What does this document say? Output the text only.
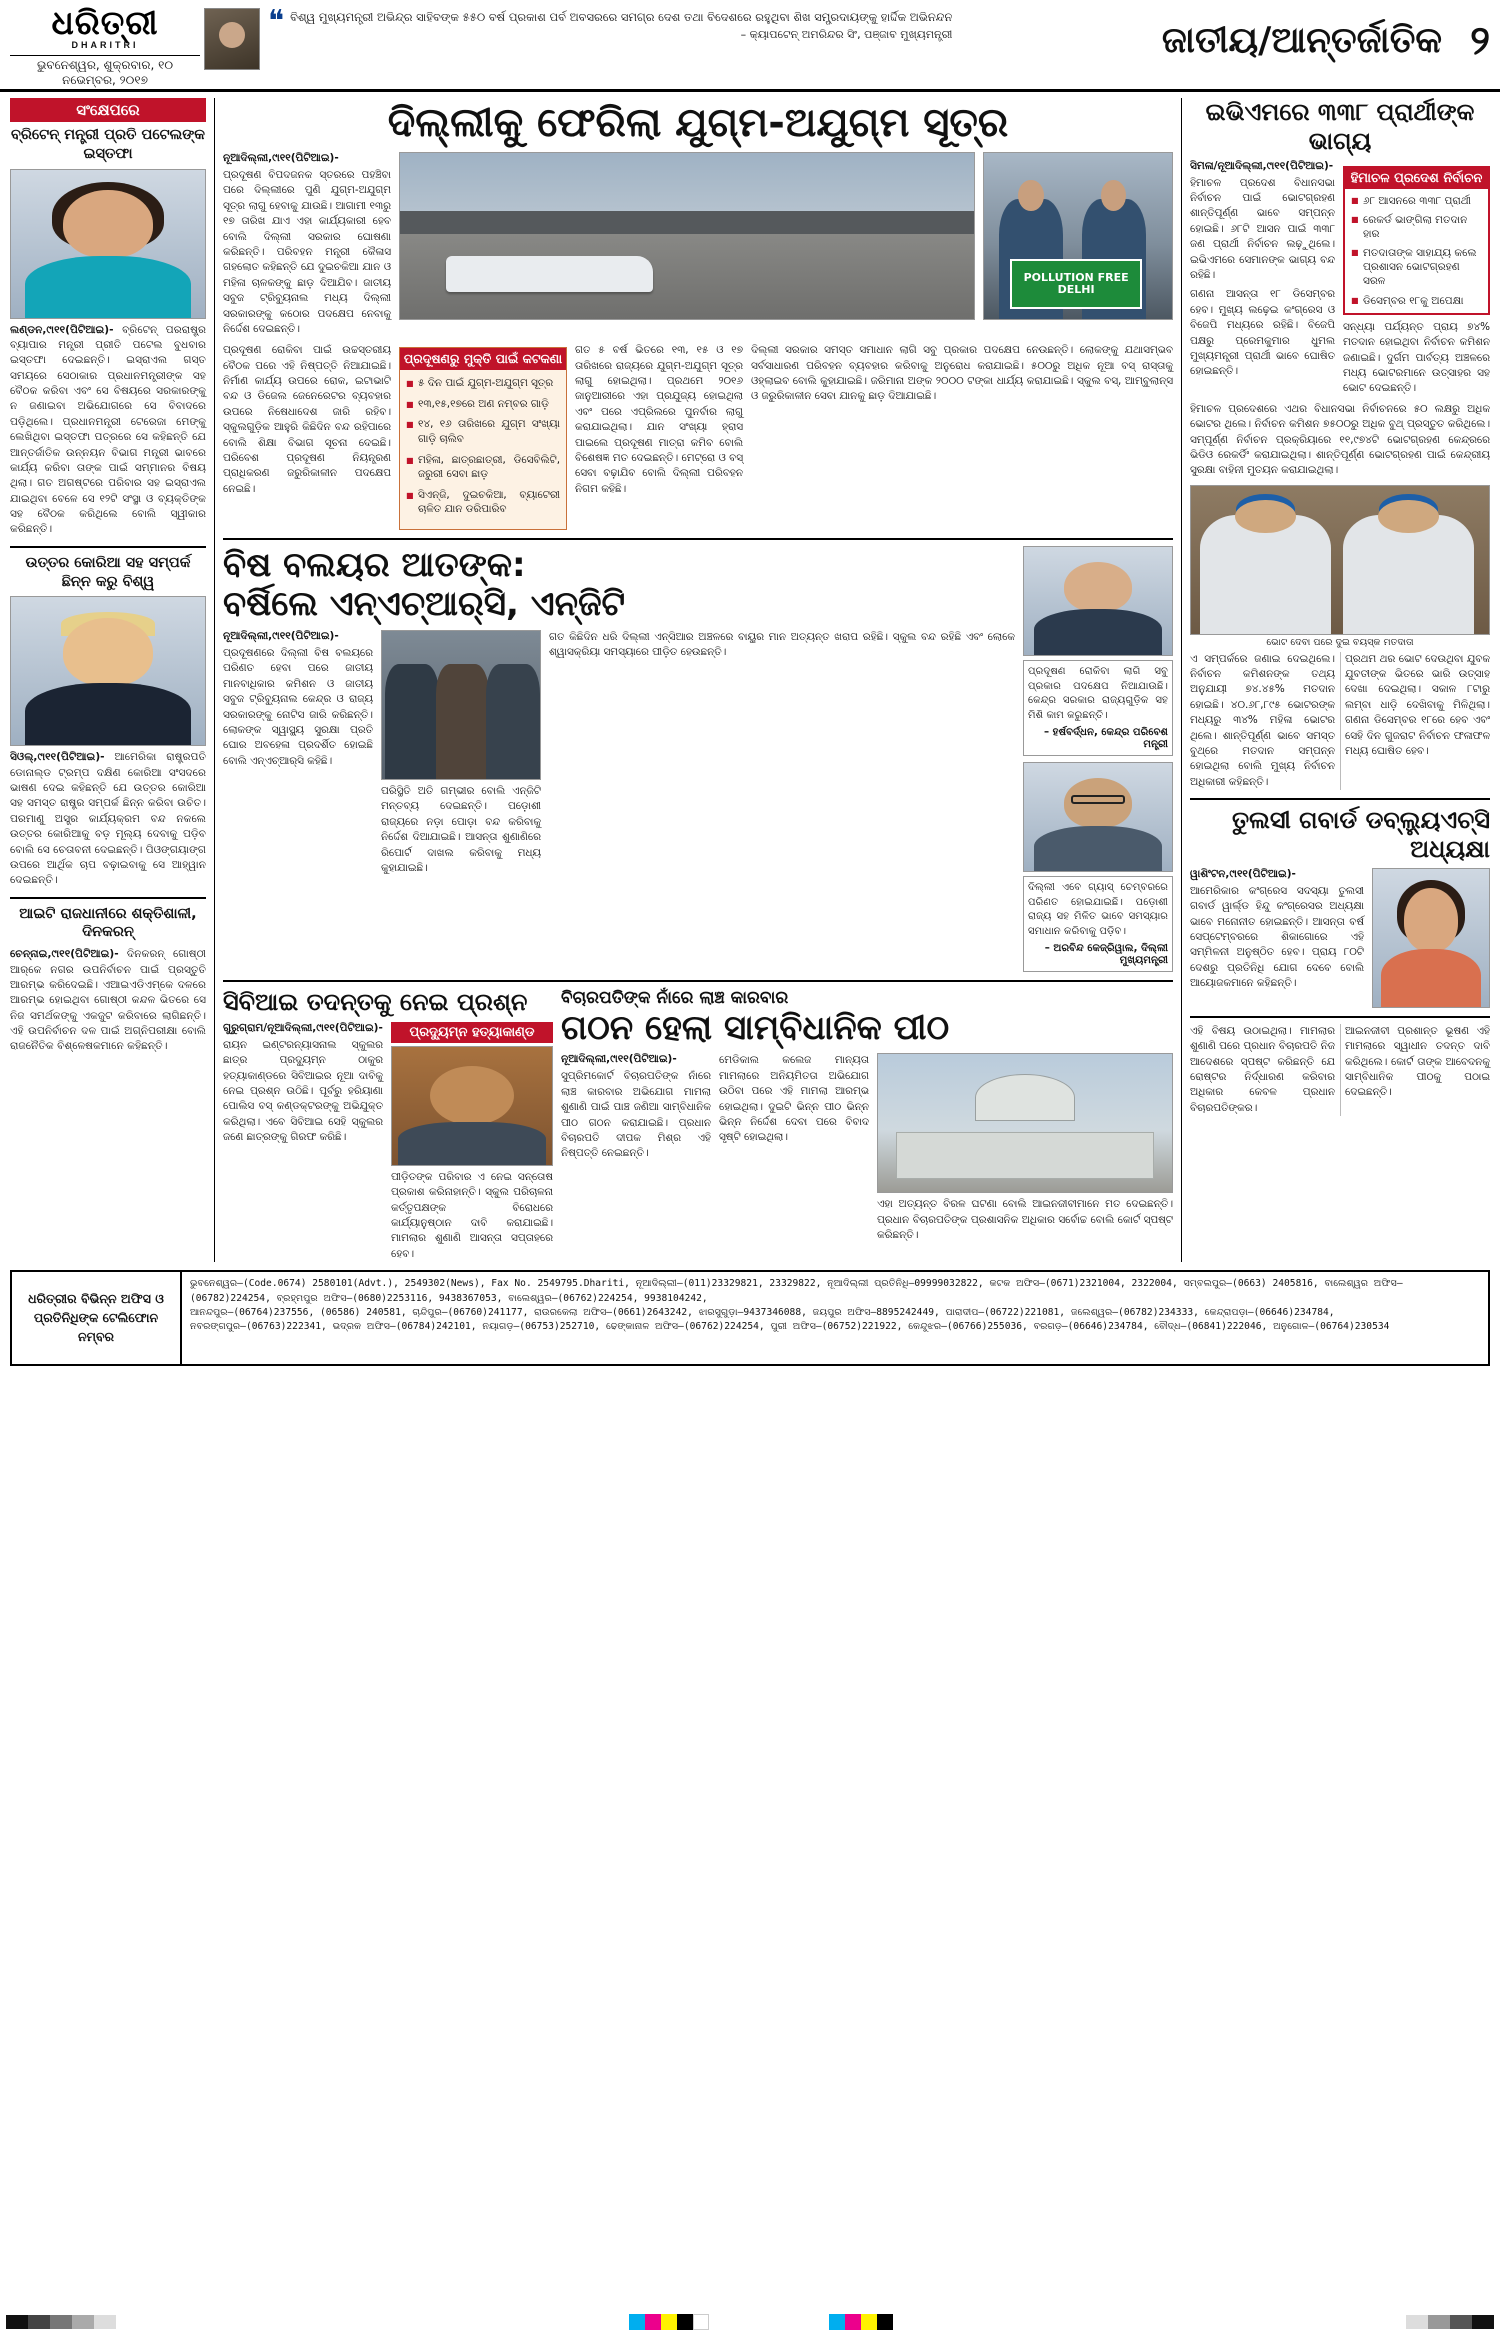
ଧରିତ୍ରୀ
DHARITRI
ଭୁବନେଶ୍ୱର, ଶୁକ୍ରବାର, ୧୦ ନଭେମ୍ବର, ୨୦୧୭
❝ ବିଶ୍ୱ ମୁଖ୍ୟମନ୍ତ୍ରୀ ଅଭିନ୍ଦ୍ର ସାହିବଙ୍କ ୫୫୦ ବର୍ଷ ପ୍ରକାଶ ପର୍ବ ଅବସରରେ ସମଗ୍ର ଦେଶ ତଥା ବିଦେଶରେ ରହୁଥିବା ଶିଖ ସମ୍ପ୍ରଦାୟଙ୍କୁ ହାର୍ଦ୍ଦିକ ଅଭିନନ୍ଦନ
– କ୍ୟାପଟେନ୍‌ ଅମରିନ୍ଦର ସିଂ, ପଞ୍ଜାବ ମୁଖ୍ୟମନ୍ତ୍ରୀ	ଜାତୀୟ/ଆନ୍ତର୍ଜାତିକ ୨
ସଂକ୍ଷେପରେ
ବ୍ରିଟେନ୍‌ ମନ୍ତ୍ରୀ ପ୍ରତି ପଟେଲଙ୍କ ଇସ୍ତଫା
ଲଣ୍ଡନ,୯ା୧୧(ପିଟିଆଇ)- ବ୍ରିଟେନ୍‌ ପରରାଷ୍ଟ୍ର ବ୍ୟାପାର ମନ୍ତ୍ରୀ ପ୍ରୀତି ପଟେଲ ବୁଧବାର ଇସ୍ତଫା ଦେଇଛନ୍ତି। ଇସ୍ରାଏଲ ଗସ୍ତ ସମୟରେ ସେଠାକାର ପ୍ରଧାନମନ୍ତ୍ରୀଙ୍କ ସହ ବୈଠକ କରିବା ଏବଂ ସେ ବିଷୟରେ ସରକାରଙ୍କୁ ନ ଜଣାଇବା ଅଭିଯୋଗରେ ସେ ବିବାଦରେ ପଡ଼ିଥିଲେ। ପ୍ରଧାନମନ୍ତ୍ରୀ ଟେରେଜା ମେଙ୍କୁ ଲେଖିଥିବା ଇସ୍ତଫା ପତ୍ରରେ ସେ କହିଛନ୍ତି ଯେ ଆନ୍ତର୍ଜାତିକ ଉନ୍ନୟନ ବିଭାଗ ମନ୍ତ୍ରୀ ଭାବରେ କାର୍ଯ୍ୟ କରିବା ତାଙ୍କ ପାଇଁ ସମ୍ମାନର ବିଷୟ ଥିଲା। ଗତ ଅଗଷ୍ଟରେ ପରିବାର ସହ ଇସ୍ରାଏଲ ଯାଇଥିବା ବେଳେ ସେ ୧୨ଟି ସଂସ୍ଥା ଓ ବ୍ୟକ୍ତିଙ୍କ ସହ ବୈଠକ କରିଥିଲେ ବୋଲି ସ୍ୱୀକାର କରିଛନ୍ତି।
ଉତ୍ତର କୋରିଆ ସହ ସମ୍ପର୍କ ଛିନ୍ନ କରୁ ବିଶ୍ୱ
ସିଓଲ୍‌,୯ା୧୧(ପିଟିଆଇ)- ଆମେରିକା ରାଷ୍ଟ୍ରପତି ଡୋନାଲ୍ଡ ଟ୍ରମ୍ପ ଦକ୍ଷିଣ କୋରିଆ ସଂସଦରେ ଭାଷଣ ଦେଇ କହିଛନ୍ତି ଯେ ଉତ୍ତର କୋରିଆ ସହ ସମସ୍ତ ରାଷ୍ଟ୍ର ସମ୍ପର୍କ ଛିନ୍ନ କରିବା ଉଚିତ। ପରମାଣୁ ଅସ୍ତ୍ର କାର୍ଯ୍ୟକ୍ରମ ବନ୍ଦ ନକଲେ ଉତ୍ତର କୋରିଆକୁ ବଡ଼ ମୂଲ୍ୟ ଦେବାକୁ ପଡ଼ିବ ବୋଲି ସେ ଚେତାବନୀ ଦେଇଛନ୍ତି। ପିଓଙ୍ଗୟାଙ୍ଗ ଉପରେ ଆର୍ଥିକ ଚାପ ବଢ଼ାଇବାକୁ ସେ ଆହ୍ୱାନ ଦେଇଛନ୍ତି।
ଆଇଟି ରାଜଧାନୀରେ ଶକ୍ତିଶାଳୀ, ଦିନକରନ୍‌
ଚେନ୍ନାଇ,୯ା୧୧(ପିଟିଆଇ)- ଦିନକରନ୍‌ ଗୋଷ୍ଠୀ ଆର୍‌କେ ନଗର ଉପନିର୍ବାଚନ ପାଇଁ ପ୍ରସ୍ତୁତି ଆରମ୍ଭ କରିଦେଇଛି। ଏଆଇଏଡିଏମ୍‌କେ ଦଳରେ ଆରମ୍ଭ ହୋଇଥିବା ଗୋଷ୍ଠୀ କନ୍ଦଳ ଭିତରେ ସେ ନିଜ ସମର୍ଥକଙ୍କୁ ଏକଜୁଟ କରିବାରେ ଲାଗିଛନ୍ତି। ଏହି ଉପନିର୍ବାଚନ ଦଳ ପାଇଁ ଅଗ୍ନିପରୀକ୍ଷା ବୋଲି ରାଜନୈତିକ ବିଶ୍ଳେଷକମାନେ କହିଛନ୍ତି।
ଦିଲ୍ଲୀକୁ ଫେରିଲା ଯୁଗ୍ମ-ଅଯୁଗ୍ମ ସୂତ୍ର
ନୂଆଦିଲ୍ଲୀ,୯ା୧୧(ପିଟିଆଇ)-
ପ୍ରଦୂଷଣ ବିପଦ‌ଜନକ ସ୍ତରରେ ପହଞ୍ଚିବା ପରେ ଦିଲ୍ଲୀରେ ପୁଣି ଯୁଗ୍ମ-ଅଯୁଗ୍ମ ସୂତ୍ର ଲାଗୁ ହେବାକୁ ଯାଉଛି। ଆଗାମୀ ୧୩ରୁ ୧୭ ତାରିଖ ଯାଏ ଏହା କାର୍ଯ୍ୟକାରୀ ହେବ ବୋଲି ଦିଲ୍ଲୀ ସରକାର ଘୋଷଣା କରିଛନ୍ତି। ପରିବହନ ମନ୍ତ୍ରୀ କୈଳାସ ଗହଲୋତ କହିଛନ୍ତି ଯେ ଦୁଇଚକିଆ ଯାନ ଓ ମହିଳା ଚାଳକଙ୍କୁ ଛାଡ଼ ଦିଆଯିବ। ଜାତୀୟ ସବୁଜ ଟ୍ରିବ୍ୟୁନାଲ ମଧ୍ୟ ଦିଲ୍ଲୀ ସରକାରଙ୍କୁ କଠୋର ପଦକ୍ଷେପ ନେବାକୁ ନିର୍ଦ୍ଦେଶ ଦେଇଛନ୍ତି।
POLLUTION FREE
DELHI
ପ୍ରଦୂଷଣ ରୋକିବା ପାଇଁ ଉଚ୍ଚସ୍ତରୀୟ ବୈଠକ ପରେ ଏହି ନିଷ୍ପତ୍ତି ନିଆଯାଇଛି। ନିର୍ମାଣ କାର୍ଯ୍ୟ ଉପରେ ରୋକ, ଇଟାଭାଟି ବନ୍ଦ ଓ ଡିଜେଲ ଜେନେରେଟର ବ୍ୟବହାର ଉପରେ ନିଷେଧାଦେଶ ଜାରି ରହିବ। ସ୍କୁଲଗୁଡ଼ିକ ଆହୁରି କିଛିଦିନ ବନ୍ଦ ରହିପାରେ ବୋଲି ଶିକ୍ଷା ବିଭାଗ ସୂଚନା ଦେଇଛି। ପରିବେଶ ପ୍ରଦୂଷଣ ନିୟନ୍ତ୍ରଣ ପ୍ରାଧିକରଣ ଜରୁରିକାଳୀନ ପଦକ୍ଷେପ ନେଇଛି।
ପ୍ରଦୂଷଣରୁ ମୁକ୍ତି ପାଇଁ କଟକଣା
■ ୫ ଦିନ ପାଇଁ ଯୁଗ୍ମ-ଅଯୁଗ୍ମ ସୂତ୍ର
■ ୧୩,୧୫,୧୭ରେ ଅଣ ନମ୍ବର ଗାଡ଼ି
■ ୧୪, ୧୬ ତାରିଖରେ ଯୁଗ୍ମ ସଂଖ୍ୟା ଗାଡ଼ି ଚାଲିବ
■ ମହିଳା, ଛାତ୍ରଛାତ୍ରୀ, ଡିସେବିଲିଟି, ଜରୁରୀ ସେବା ଛାଡ଼
■ ସିଏନ୍‌ଜି, ଦୁଇଚକିଆ, ବ୍ୟାଟେରୀ ଚାଳିତ ଯାନ ଡରିପାରିବ
ଗତ ୫ ବର୍ଷ ଭିତରେ ୧୩, ୧୫ ଓ ୧୭ ତାରିଖରେ ରାଜ୍ୟରେ ଯୁଗ୍ମ-ଅଯୁଗ୍ମ ସୂତ୍ର ଲାଗୁ ହୋଇଥିଲା। ପ୍ରଥମେ ୨୦୧୬ ଜାନୁଆରୀରେ ଏହା ପ୍ରଯୁଜ୍ୟ ହୋଇଥିଲା ଏବଂ ପରେ ଏପ୍ରିଲରେ ପୁନର୍ବାର ଲାଗୁ କରାଯାଇଥିଲା। ଯାନ ସଂଖ୍ୟା ହ୍ରାସ ପାଇଲେ ପ୍ରଦୂଷଣ ମାତ୍ରା କମିବ ବୋଲି ବିଶେଷଜ୍ଞ ମତ ଦେଇଛନ୍ତି। ମେଟ୍ରୋ ଓ ବସ୍‌ ସେବା ବଢ଼ାଯିବ ବୋଲି ଦିଲ୍ଲୀ ପରିବହନ ନିଗମ କହିଛି।
ଦିଲ୍ଲୀ ସରକାର ସମସ୍ତ ସମାଧାନ ଲାଗି ସବୁ ପ୍ରକାର ପଦକ୍ଷେପ ନେଉଛନ୍ତି। ଲୋକଙ୍କୁ ଯଥାସମ୍ଭବ ସର୍ବସାଧାରଣ ପରିବହନ ବ୍ୟବହାର କରିବାକୁ ଅନୁରୋଧ କରାଯାଇଛି। ୫୦୦ରୁ ଅଧିକ ନୂଆ ବସ୍‌ ରାସ୍ତାକୁ ଓହ୍ଲାଇବ ବୋଲି କୁହାଯାଇଛି। ଜରିମାନା ଅଙ୍କ ୨୦୦୦ ଟଙ୍କା ଧାର୍ଯ୍ୟ କରାଯାଇଛି। ସ୍କୁଲ ବସ୍‌, ଆମ୍ବୁଲାନ୍ସ ଓ ଜରୁରିକାଳୀନ ସେବା ଯାନକୁ ଛାଡ଼ ଦିଆଯାଇଛି।
ବିଷ ବଲୟର ଆତଙ୍କ:
ବର୍ଷିଲେ ଏନ୍‌ଏଚ୍‌ଆର୍‌ସି, ଏନ୍‌ଜିଟି
ନୂଆଦିଲ୍ଲୀ,୯ା୧୧(ପିଟିଆଇ)-
ପ୍ରଦୂଷଣରେ ଦିଲ୍ଲୀ ବିଷ ବଲୟରେ ପରିଣତ ହେବା ପରେ ଜାତୀୟ ମାନବାଧିକାର କମିଶନ ଓ ଜାତୀୟ ସବୁଜ ଟ୍ରିବ୍ୟୁନାଲ କେନ୍ଦ୍ର ଓ ରାଜ୍ୟ ସରକାରଙ୍କୁ ନୋଟିସ ଜାରି କରିଛନ୍ତି। ଲୋକଙ୍କ ସ୍ୱାସ୍ଥ୍ୟ ସୁରକ୍ଷା ପ୍ରତି ଘୋର ଅବହେଳା ପ୍ରଦର୍ଶିତ ହୋଇଛି ବୋଲି ଏନ୍‌ଏଚ୍‌ଆର୍‌ସି କହିଛି।
ପରିସ୍ଥିତି ଅତି ଗମ୍ଭୀର ବୋଲି ଏନ୍‌ଜିଟି ମନ୍ତବ୍ୟ ଦେଇଛନ୍ତି। ପଡ଼ୋଶୀ ରାଜ୍ୟରେ ନଡ଼ା ପୋଡ଼ା ବନ୍ଦ କରିବାକୁ ନିର୍ଦ୍ଦେଶ ଦିଆଯାଇଛି। ଆସନ୍ତା ଶୁଣାଣିରେ ରିପୋର୍ଟ ଦାଖଲ କରିବାକୁ ମଧ୍ୟ କୁହାଯାଇଛି।
ଗତ କିଛିଦିନ ଧରି ଦିଲ୍ଲୀ ଏନ୍‌ସିଆର ଅଞ୍ଚଳରେ ବାୟୁର ମାନ ଅତ୍ୟନ୍ତ ଖରାପ ରହିଛି। ସ୍କୁଲ ବନ୍ଦ ରହିଛି ଏବଂ ଲୋକେ ଶ୍ୱାସକ୍ରିୟା ସମସ୍ୟାରେ ପୀଡ଼ିତ ହେଉଛନ୍ତି।
ପ୍ରଦୂଷଣ ରୋକିବା ଲାଗି ସବୁ ପ୍ରକାର ପଦକ୍ଷେପ ନିଆଯାଉଛି। କେନ୍ଦ୍ର ସରକାର ରାଜ୍ୟଗୁଡ଼ିକ ସହ ମିଶି କାମ କରୁଛନ୍ତି।
– ହର୍ଷବର୍ଦ୍ଧନ, କେନ୍ଦ୍ର ପରିବେଶ ମନ୍ତ୍ରୀ
ଦିଲ୍ଲୀ ଏବେ ଗ୍ୟାସ୍‌ ଚେମ୍ବରରେ ପରିଣତ ହୋଇଯାଇଛି। ପଡ଼ୋଶୀ ରାଜ୍ୟ ସହ ମିଳିତ ଭାବେ ସମସ୍ୟାର ସମାଧାନ କରିବାକୁ ପଡ଼ିବ।
– ଅରବିନ୍ଦ କେଜ୍ରିୱାଲ, ଦିଲ୍ଲୀ ମୁଖ୍ୟମନ୍ତ୍ରୀ
ସିବିଆଇ ତଦନ୍ତକୁ ନେଇ ପ୍ରଶ୍ନ
ଗୁରୁଗ୍ରାମ/ନୂଆଦିଲ୍ଲୀ,୯ା୧୧(ପିଟିଆଇ)-
ରାୟନ ଇଣ୍ଟରନ୍ୟାସନାଲ ସ୍କୁଲର ଛାତ୍ର ପ୍ରଦ୍ୟୁମ୍ନ ଠାକୁର ହତ୍ୟାକାଣ୍ଡରେ ସିବିଆଇର ନୂଆ ଦାବିକୁ ନେଇ ପ୍ରଶ୍ନ ଉଠିଛି। ପୂର୍ବରୁ ହରିୟାଣା ପୋଲିସ ବସ୍‌ କଣ୍ଡକ୍ଟରଙ୍କୁ ଅଭିଯୁକ୍ତ କରିଥିଲା। ଏବେ ସିବିଆଇ ସେହି ସ୍କୁଲର ଜଣେ ଛାତ୍ରଙ୍କୁ ଗିରଫ କରିଛି।
ପ୍ରଦ୍ୟୁମ୍ନ ହତ୍ୟାକାଣ୍ଡ
ପୀଡ଼ିତଙ୍କ ପରିବାର ଏ ନେଇ ସନ୍ତୋଷ ପ୍ରକାଶ କରିନାହାନ୍ତି। ସ୍କୁଲ ପରିଚାଳନା କର୍ତ୍ତୃପକ୍ଷଙ୍କ ବିରୋଧରେ କାର୍ଯ୍ୟାନୁଷ୍ଠାନ ଦାବି କରାଯାଇଛି। ମାମଲାର ଶୁଣାଣି ଆସନ୍ତା ସପ୍ତାହରେ ହେବ।
ବିଚାରପତିଙ୍କ ନାଁରେ ଲାଞ୍ଚ କାରବାର
ଗଠନ ହେଲା ସାମ୍ବିଧାନିକ ପୀଠ
ନୂଆଦିଲ୍ଲୀ,୯ା୧୧(ପିଟିଆଇ)-
ସୁପ୍ରିମକୋର୍ଟ ବିଚାରପତିଙ୍କ ନାଁରେ ଲାଞ୍ଚ କାରବାର ଅଭିଯୋଗ ମାମଲା ଶୁଣାଣି ପାଇଁ ପାଞ୍ଚ ଜଣିଆ ସାମ୍ବିଧାନିକ ପୀଠ ଗଠନ କରାଯାଇଛି। ପ୍ରଧାନ ବିଚାରପତି ଦୀପକ ମିଶ୍ର ଏହି ନିଷ୍ପତ୍ତି ନେଇଛନ୍ତି।
ମେଡିକାଲ କଲେଜ ମାନ୍ୟତା ମାମଲାରେ ଅନିୟମିତତା ଅଭିଯୋଗ ଉଠିବା ପରେ ଏହି ମାମଲା ଆରମ୍ଭ ହୋଇଥିଲା। ଦୁଇଟି ଭିନ୍ନ ପୀଠ ଭିନ୍ନ ଭିନ୍ନ ନିର୍ଦ୍ଦେଶ ଦେବା ପରେ ବିବାଦ ସୃଷ୍ଟି ହୋଇଥିଲା।
ଏହା ଅତ୍ୟନ୍ତ ବିରଳ ଘଟଣା ବୋଲି ଆଇନଜୀବୀମାନେ ମତ ଦେଇଛନ୍ତି। ପ୍ରଧାନ ବିଚାରପତିଙ୍କ ପ୍ରଶାସନିକ ଅଧିକାର ସର୍ବୋଚ୍ଚ ବୋଲି କୋର୍ଟ ସ୍ପଷ୍ଟ କରିଛନ୍ତି।
ଇଭିଏମରେ ୩୩୮ ପ୍ରାର୍ଥୀଙ୍କ ଭାଗ୍ୟ
ସିମଳା/ନୂଆଦିଲ୍ଲୀ,୯ା୧୧(ପିଟିଆଇ)-
ହିମାଚଳ ପ୍ରଦେଶ ବିଧାନସଭା ନିର୍ବାଚନ ପାଇଁ ଭୋଟଗ୍ରହଣ ଶାନ୍ତିପୂର୍ଣ୍ଣ ଭାବେ ସମ୍ପନ୍ନ ହୋଇଛି। ୬୮ଟି ଆସନ ପାଇଁ ୩୩୮ ଜଣ ପ୍ରାର୍ଥୀ ନିର୍ବାଚନ ଲଢ଼ୁଥିଲେ। ଇଭିଏମରେ ସେମାନଙ୍କ ଭାଗ୍ୟ ବନ୍ଦ ରହିଛି।
ଗଣନା ଆସନ୍ତା ୧୮ ଡିସେମ୍ବର ହେବ। ମୁଖ୍ୟ ଲଢ଼େଇ କଂଗ୍ରେସ ଓ ବିଜେପି ମଧ୍ୟରେ ରହିଛି। ବିଜେପି ପକ୍ଷରୁ ପ୍ରେମକୁମାର ଧୁମଲ ମୁଖ୍ୟମନ୍ତ୍ରୀ ପ୍ରାର୍ଥୀ ଭାବେ ଘୋଷିତ ହୋଇଛନ୍ତି।
ହିମାଚଳ ପ୍ରଦେଶ ନିର୍ବାଚନ
■ ୬୮ ଆସନରେ ୩୩୮ ପ୍ରାର୍ଥୀ
■ ରେକର୍ଡ ଭାଙ୍ଗିଲା ମତଦାନ ହାର
■ ମତଦାତାଙ୍କ ସାହାଯ୍ୟ କଲେ ପ୍ରଶାସନ ଭୋଟଗ୍ରହଣ ସରଳ
■ ଡିସେମ୍ବର ୧୮କୁ ଅପେକ୍ଷା
ସନ୍ଧ୍ୟା ପର୍ଯ୍ୟନ୍ତ ପ୍ରାୟ ୭୪% ମତଦାନ ହୋଇଥିବା ନିର୍ବାଚନ କମିଶନ ଜଣାଇଛି। ଦୁର୍ଗମ ପାର୍ବତ୍ୟ ଅଞ୍ଚଳରେ ମଧ୍ୟ ଭୋଟରମାନେ ଉତ୍ସାହର ସହ ଭୋଟ ଦେଇଛନ୍ତି।
ହିମାଚଳ ପ୍ରଦେଶରେ ଏଥର ବିଧାନସଭା ନିର୍ବାଚନରେ ୫୦ ଲକ୍ଷରୁ ଅଧିକ ଭୋଟର ଥିଲେ। ନିର୍ବାଚନ କମିଶନ ୭୫୦୦ରୁ ଅଧିକ ବୁଥ୍‌ ପ୍ରସ୍ତୁତ କରିଥିଲେ। ସମ୍ପୂର୍ଣ୍ଣ ନିର୍ବାଚନ ପ୍ରକ୍ରିୟାରେ ୧୧,୯୭୪ଟି ଭୋଟଗ୍ରହଣ କେନ୍ଦ୍ରରେ ଭିଡିଓ ରେକର୍ଡିଂ କରାଯାଇଥିଲା। ଶାନ୍ତିପୂର୍ଣ୍ଣ ଭୋଟଗ୍ରହଣ ପାଇଁ କେନ୍ଦ୍ରୀୟ ସୁରକ୍ଷା ବାହିନୀ ମୁତୟନ କରାଯାଇଥିଲା।
ଭୋଟ ଦେବା ପରେ ଦୁଇ ବୟସ୍କ ମତଦାତା
ଏ ସମ୍ପର୍କରେ ଜଣାଇ ଦେଇଥିଲେ। ନିର୍ବାଚନ କମିଶନଙ୍କ ତଥ୍ୟ ଅନୁଯାୟୀ ୭୪.୪୫% ମତଦାନ ହୋଇଛି। ୪୦.୬୮,୮୯୫ ଭୋଟରଙ୍କ ମଧ୍ୟରୁ ୩୪% ମହିଳା ଭୋଟର ଥିଲେ। ଶାନ୍ତିପୂର୍ଣ୍ଣ ଭାବେ ସମସ୍ତ ବୁଥ୍‌ରେ ମତଦାନ ସମ୍ପନ୍ନ ହୋଇଥିଲା ବୋଲି ମୁଖ୍ୟ ନିର୍ବାଚନ ଅଧିକାରୀ କହିଛନ୍ତି।
ପ୍ରଥମ ଥର ଭୋଟ ଦେଉଥିବା ଯୁବକ ଯୁବତୀଙ୍କ ଭିତରେ ଭାରି ଉତ୍ସାହ ଦେଖା ଦେଇଥିଲା। ସକାଳ ୮ଟାରୁ ଲମ୍ବା ଧାଡ଼ି ଦେଖିବାକୁ ମିଳିଥିଲା। ଗଣନା ଡିସେମ୍ବର ୧୮ରେ ହେବ ଏବଂ ସେହି ଦିନ ଗୁଜରାଟ ନିର୍ବାଚନ ଫଳାଫଳ ମଧ୍ୟ ଘୋଷିତ ହେବ।
ତୁଲସୀ ଗବାର୍ଡ ଡବ୍ଲ୍ୟୁଏଚ୍‌ସି ଅଧ୍ୟକ୍ଷା
ୱାଶିଂଟନ,୯ା୧୧(ପିଟିଆଇ)-
ଆମେରିକାର କଂଗ୍ରେସ ସଦସ୍ୟା ତୁଲସୀ ଗବାର୍ଡ ୱାର୍ଲ୍ଡ ହିନ୍ଦୁ କଂଗ୍ରେସର ଅଧ୍ୟକ୍ଷା ଭାବେ ମନୋନୀତ ହୋଇଛନ୍ତି। ଆସନ୍ତା ବର୍ଷ ସେପ୍ଟେମ୍ବରରେ ଶିକାଗୋରେ ଏହି ସମ୍ମିଳନୀ ଅନୁଷ୍ଠିତ ହେବ। ପ୍ରାୟ ୮୦ଟି ଦେଶରୁ ପ୍ରତିନିଧି ଯୋଗ ଦେବେ ବୋଲି ଆୟୋଜକମାନେ କହିଛନ୍ତି।
ଏହି ବିଷୟ ଉଠାଇଥିଲା। ମାମଲାର ଶୁଣାଣି ପରେ ପ୍ରଧାନ ବିଚାରପତି ନିଜ ଆଦେଶରେ ସ୍ପଷ୍ଟ କରିଛନ୍ତି ଯେ ରୋଷ୍ଟର ନିର୍ଦ୍ଧାରଣ କରିବାର ଅଧିକାର କେବଳ ପ୍ରଧାନ ବିଚାରପତିଙ୍କର।
ଆଇନଜୀବୀ ପ୍ରଶାନ୍ତ ଭୂଷଣ ଏହି ମାମଲାରେ ସ୍ୱାଧୀନ ତଦନ୍ତ ଦାବି କରିଥିଲେ। କୋର୍ଟ ତାଙ୍କ ଆବେଦନକୁ ସାମ୍ବିଧାନିକ ପୀଠକୁ ପଠାଇ ଦେଇଛନ୍ତି।
ଧରିତ୍ରୀର ବିଭିନ୍ନ ଅଫିସ ଓ ପ୍ରତିନିଧିଙ୍କ ଟେଲିଫୋନ ନମ୍ବର
ଭୁବନେଶ୍ୱର–(Code.0674) 2580101(Advt.), 2549302(News), Fax No. 2549795.Dhariti, ନୂଆଦିଲ୍ଲୀ–(011)23329821, 23329822, ନୂଆଦିଲ୍ଲୀ ପ୍ରତିନିଧି–09999032822, କଟକ ଅଫିସ–(0671)2321004, 2322004, ସମ୍ବଲପୁର–(0663) 2405816, ବାଲେଶ୍ୱର ଅଫିସ–(06782)224254, ବ୍ରହ୍ମପୁର ଅଫିସ–(0680)2253116, 9438367053, ବାଲେଶ୍ୱର–(06762)224254, 9938104242,
ଆନନ୍ଦପୁର–(06764)237556, (06586) 240581, ଚାନ୍ଦିପୁର–(06760)241177, ରାଉରକେଲା ଅଫିସ–(0661)2643242, ଝାରସୁଗୁଡ଼ା–9437346088, ଜୟପୁର ଅଫିସ–8895242449, ପାରାଦୀପ–(06722)221081, ଜଲେଶ୍ୱର–(06782)234333, କେନ୍ଦ୍ରାପଡ଼ା–(06646)234784,
ନବରଙ୍ଗପୁର–(06763)222341, ଭଦ୍ରକ ଅଫିସ–(06784)242101, ନୟାଗଡ଼–(06753)252710, ଢେଙ୍କାନାଳ ଅଫିସ–(06762)224254, ପୁରୀ ଅଫିସ–(06752)221922, କେନ୍ଦୁଝର–(06766)255036, ବରଗଡ଼–(06646)234784, ବୌଦ୍ଧ–(06841)222046, ଅନୁଗୋଳ–(06764)230534
